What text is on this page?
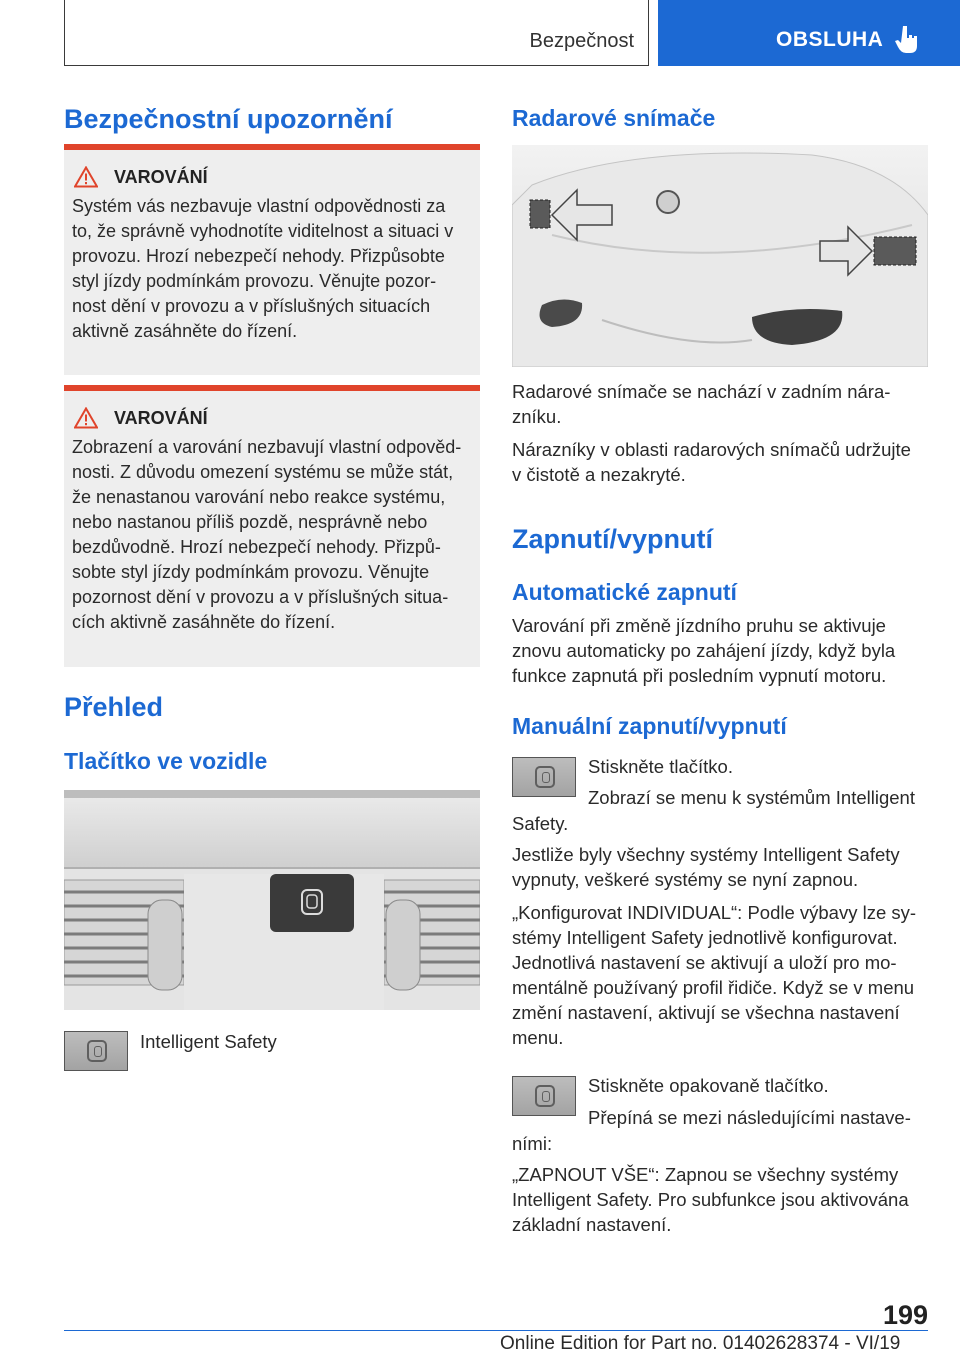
Bezpečnost	OBSLUHA
Bezpečnostní upozornění
VAROVÁNÍ
Systém vás nezbavuje vlastní odpovědnosti za
to, že správně vyhodnotíte viditelnost a situaci v
provozu. Hrozí nebezpečí nehody. Přizpůsobte
styl jízdy podmínkám provozu. Věnujte pozor-
nost dění v provozu a v příslušných situacích
aktivně zasáhněte do řízení.
VAROVÁNÍ
Zobrazení a varování nezbavují vlastní odpověd-
nosti. Z důvodu omezení systému se může stát,
že nenastanou varování nebo reakce systému,
nebo nastanou příliš pozdě, nesprávně nebo
bezdůvodně. Hrozí nebezpečí nehody. Přizpů-
sobte styl jízdy podmínkám provozu. Věnujte
pozornost dění v provozu a v příslušných situa-
cích aktivně zasáhněte do řízení.
Přehled
Tlačítko ve vozidle
Intelligent Safety
Radarové snímače
Radarové snímače se nachází v zadním nára-
zníku.
Nárazníky v oblasti radarových snímačů udržujte
v čistotě a nezakryté.
Zapnutí/vypnutí
Automatické zapnutí
Varování při změně jízdního pruhu se aktivuje
znovu automaticky po zahájení jízdy, když byla
funkce zapnutá při posledním vypnutí motoru.
Manuální zapnutí/vypnutí
Stiskněte tlačítko.
Zobrazí se menu k systémům Intelligent
Safety.
Jestliže byly všechny systémy Intelligent Safety
vypnuty, veškeré systémy se nyní zapnou.
„Konfigurovat INDIVIDUAL“: Podle výbavy lze sy-
stémy Intelligent Safety jednotlivě konfigurovat.
Jednotlivá nastavení se aktivují a uloží pro mo-
mentálně používaný profil řidiče. Když se v menu
změní nastavení, aktivují se všechna nastavení
menu.
Stiskněte opakovaně tlačítko.
Přepíná se mezi následujícími nastave-
ními:
„ZAPNOUT VŠE“: Zapnou se všechny systémy
Intelligent Safety. Pro subfunkce jsou aktivována
základní nastavení.
199
Online Edition for Part no. 01402628374 - VI/19
